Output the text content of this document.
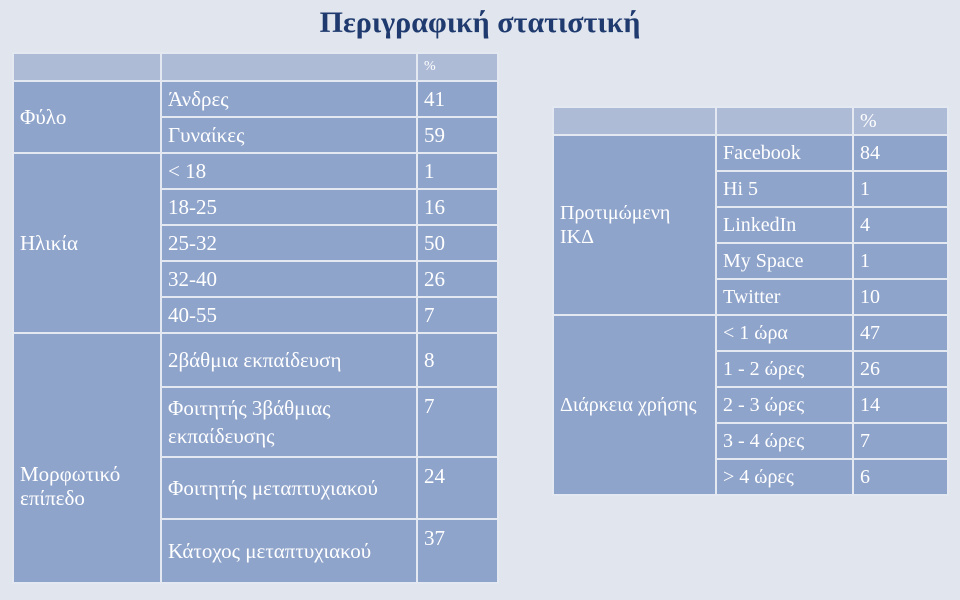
Περιγραφική στατιστική
		%
Φύλο	Άνδρες	41
	Γυναίκες	59
Ηλικία	< 18	1
	18-25	16
	25-32	50
	32-40	26
	40-55	7
Μορφωτικό επίπεδο	2βάθμια εκπαίδευση	8
	Φοιτητής 3βάθμιας εκπαίδευσης	7
	Φοιτητής μεταπτυχιακού	24
	Κάτοχος μεταπτυχιακού	37
		%
Προτιμώμενη ΙΚΔ	Facebook	84
	Hi 5	1
	LinkedIn	4
	My Space	1
	Twitter	10
Διάρκεια χρήσης	< 1 ώρα	47
	1 - 2 ώρες	26
	2 - 3 ώρες	14
	3 - 4 ώρες	7
	> 4 ώρες	6
